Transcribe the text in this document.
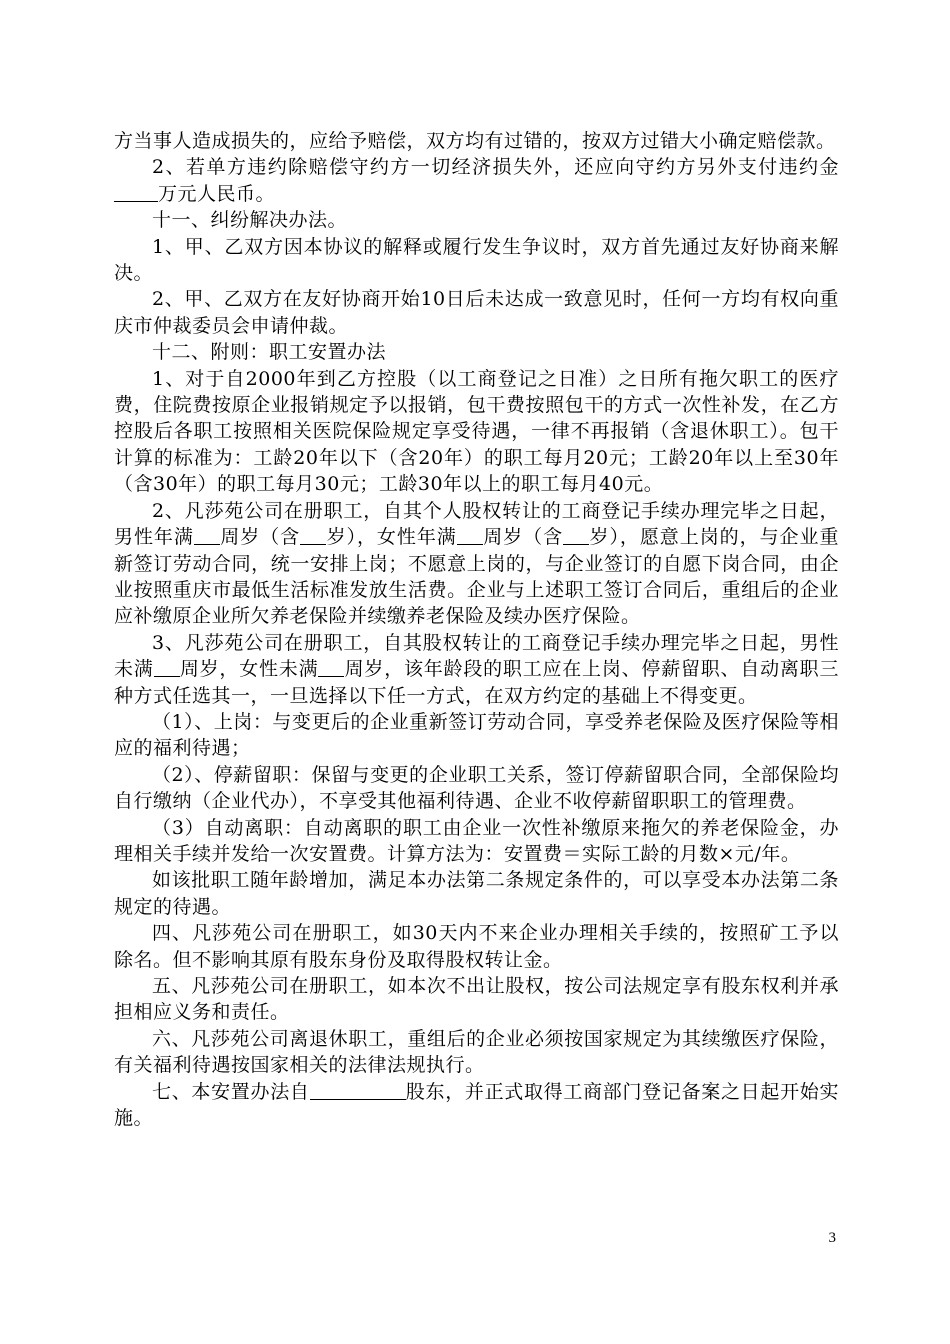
方当事人造成损失的，应给予赔偿，双方均有过错的，按双方过错大小确定赔偿款。

2、若单方违约除赔偿守约方一切经济损失外，还应向守约方另外支付违约金万元人民币。

十一、纠纷解决办法。

1、甲、乙双方因本协议的解释或履行发生争议时，双方首先通过友好协商来解决。

2、甲、乙双方在友好协商开始10日后未达成一致意见时，任何一方均有权向重庆市仲裁委员会申请仲裁。

十二、附则：职工安置办法

1、对于自2000年到乙方控股（以工商登记之日准）之日所有拖欠职工的医疗费，住院费按原企业报销规定予以报销，包干费按照包干的方式一次性补发，在乙方控股后各职工按照相关医院保险规定享受待遇，一律不再报销（含退休职工）。包干计算的标准为：工龄20年以下（含20年）的职工每月20元；工龄20年以上至30年（含30年）的职工每月30元；工龄30年以上的职工每月40元。

2、凡莎苑公司在册职工，自其个人股权转让的工商登记手续办理完毕之日起，男性年满 周岁（含 岁），女性年满 周岁（含 岁），愿意上岗的，与企业重新签订劳动合同，统一安排上岗；不愿意上岗的，与企业签订的自愿下岗合同，由企业按照重庆市最低生活标准发放生活费。企业与上述职工签订合同后，重组后的企业应补缴原企业所欠养老保险并续缴养老保险及续办医疗保险。

3、凡莎苑公司在册职工，自其股权转让的工商登记手续办理完毕之日起，男性未满 周岁，女性未满 周岁，该年龄段的职工应在上岗、停薪留职、自动离职三种方式任选其一，一旦选择以下任一方式，在双方约定的基础上不得变更。

（1）、上岗：与变更后的企业重新签订劳动合同，享受养老保险及医疗保险等相应的福利待遇；

（2）、停薪留职：保留与变更的企业职工关系，签订停薪留职合同，全部保险均自行缴纳（企业代办），不享受其他福利待遇、企业不收停薪留职职工的管理费。

（3）自动离职：自动离职的职工由企业一次性补缴原来拖欠的养老保险金，办理相关手续并发给一次安置费。计算方法为：安置费＝实际工龄的月数×元/年。

如该批职工随年龄增加，满足本办法第二条规定条件的，可以享受本办法第二条规定的待遇。

四、凡莎苑公司在册职工，如30天内不来企业办理相关手续的，按照矿工予以除名。但不影响其原有股东身份及取得股权转让金。

五、凡莎苑公司在册职工，如本次不出让股权，按公司法规定享有股东权利并承担相应义务和责任。

六、凡莎苑公司离退休职工，重组后的企业必须按国家规定为其续缴医疗保险，有关福利待遇按国家相关的法律法规执行。

七、本安置办法自	股东，并正式取得工商部门登记备案之日起开始实施。

3
